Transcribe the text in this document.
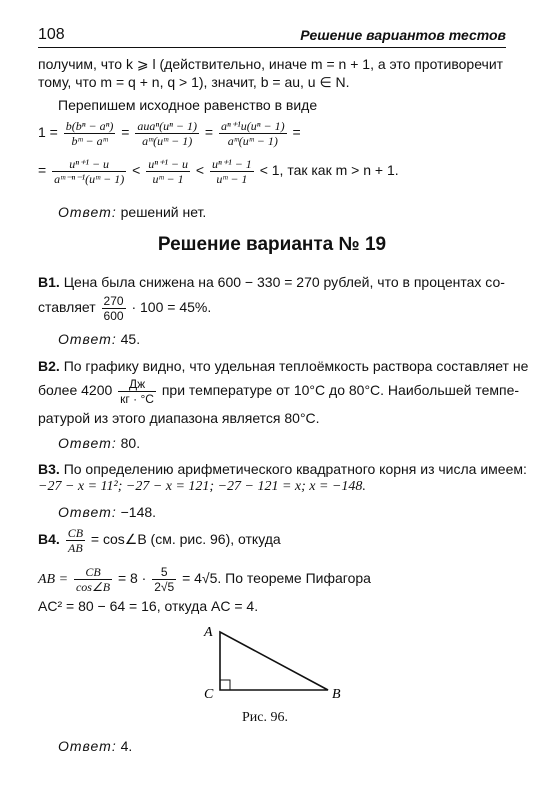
108	Решение вариантов тестов
получим, что k ⩾ l (действительно, иначе m = n + 1, а это противоречит
тому, что m = q + n, q > 1), значит, b = au, u ∈ N.
Перепишем исходное равенство в виде
$1 = \frac{\text{b(bⁿ − aⁿ)}}{\text{bᵐ − aᵐ}} = \frac{\text{auaⁿ(uⁿ − 1)}}{\text{aᵐ(uᵐ − 1)}} = \frac{\text{aⁿ⁺¹u(uⁿ − 1)}}{\text{aᵐ(uᵐ − 1)}}$ =
= $\frac{\text{uⁿ⁺¹ − u}}{\text{aᵐ⁻ⁿ⁻¹(uᵐ − 1)}} < \frac{\text{uⁿ⁺¹ − u}}{\text{uᵐ − 1}} < \frac{\text{uⁿ⁺¹ − 1}}{\text{uᵐ − 1}} < 1$, так как m > n + 1.
Ответ: решений нет.
Решение варианта № 19
B1. Цена была снижена на 600 − 330 = 270 рублей, что в процентах со-
ставляет $\frac{270}{600} \cdot 100 = 45\%$.
Ответ: 45.
B2. По графику видно, что удельная теплоёмкость раствора составляет не
более $4200 \frac{Дж}{кг \cdot ^\circ C}$ при температуре от 10°C до 80°C. Наибольшей темпе-
ратурой из этого диапазона является 80°C.
Ответ: 80.
B3. По определению арифметического квадратного корня из числа имеем:
−27 − x = 11²; −27 − x = 121; −27 − 121 = x; x = −148.
Ответ: −148.
B4. $\frac{CB}{AB}$ = cos∠B (см. рис. 96), откуда
AB = $\frac{CB}{\cos\angle B} = 8 \cdot \frac{5}{2√5} = 4√5$. По теореме Пифагора
AC² = 80 − 64 = 16, откуда AC = 4.
A
C	B
Рис. 96.
Ответ: 4.
